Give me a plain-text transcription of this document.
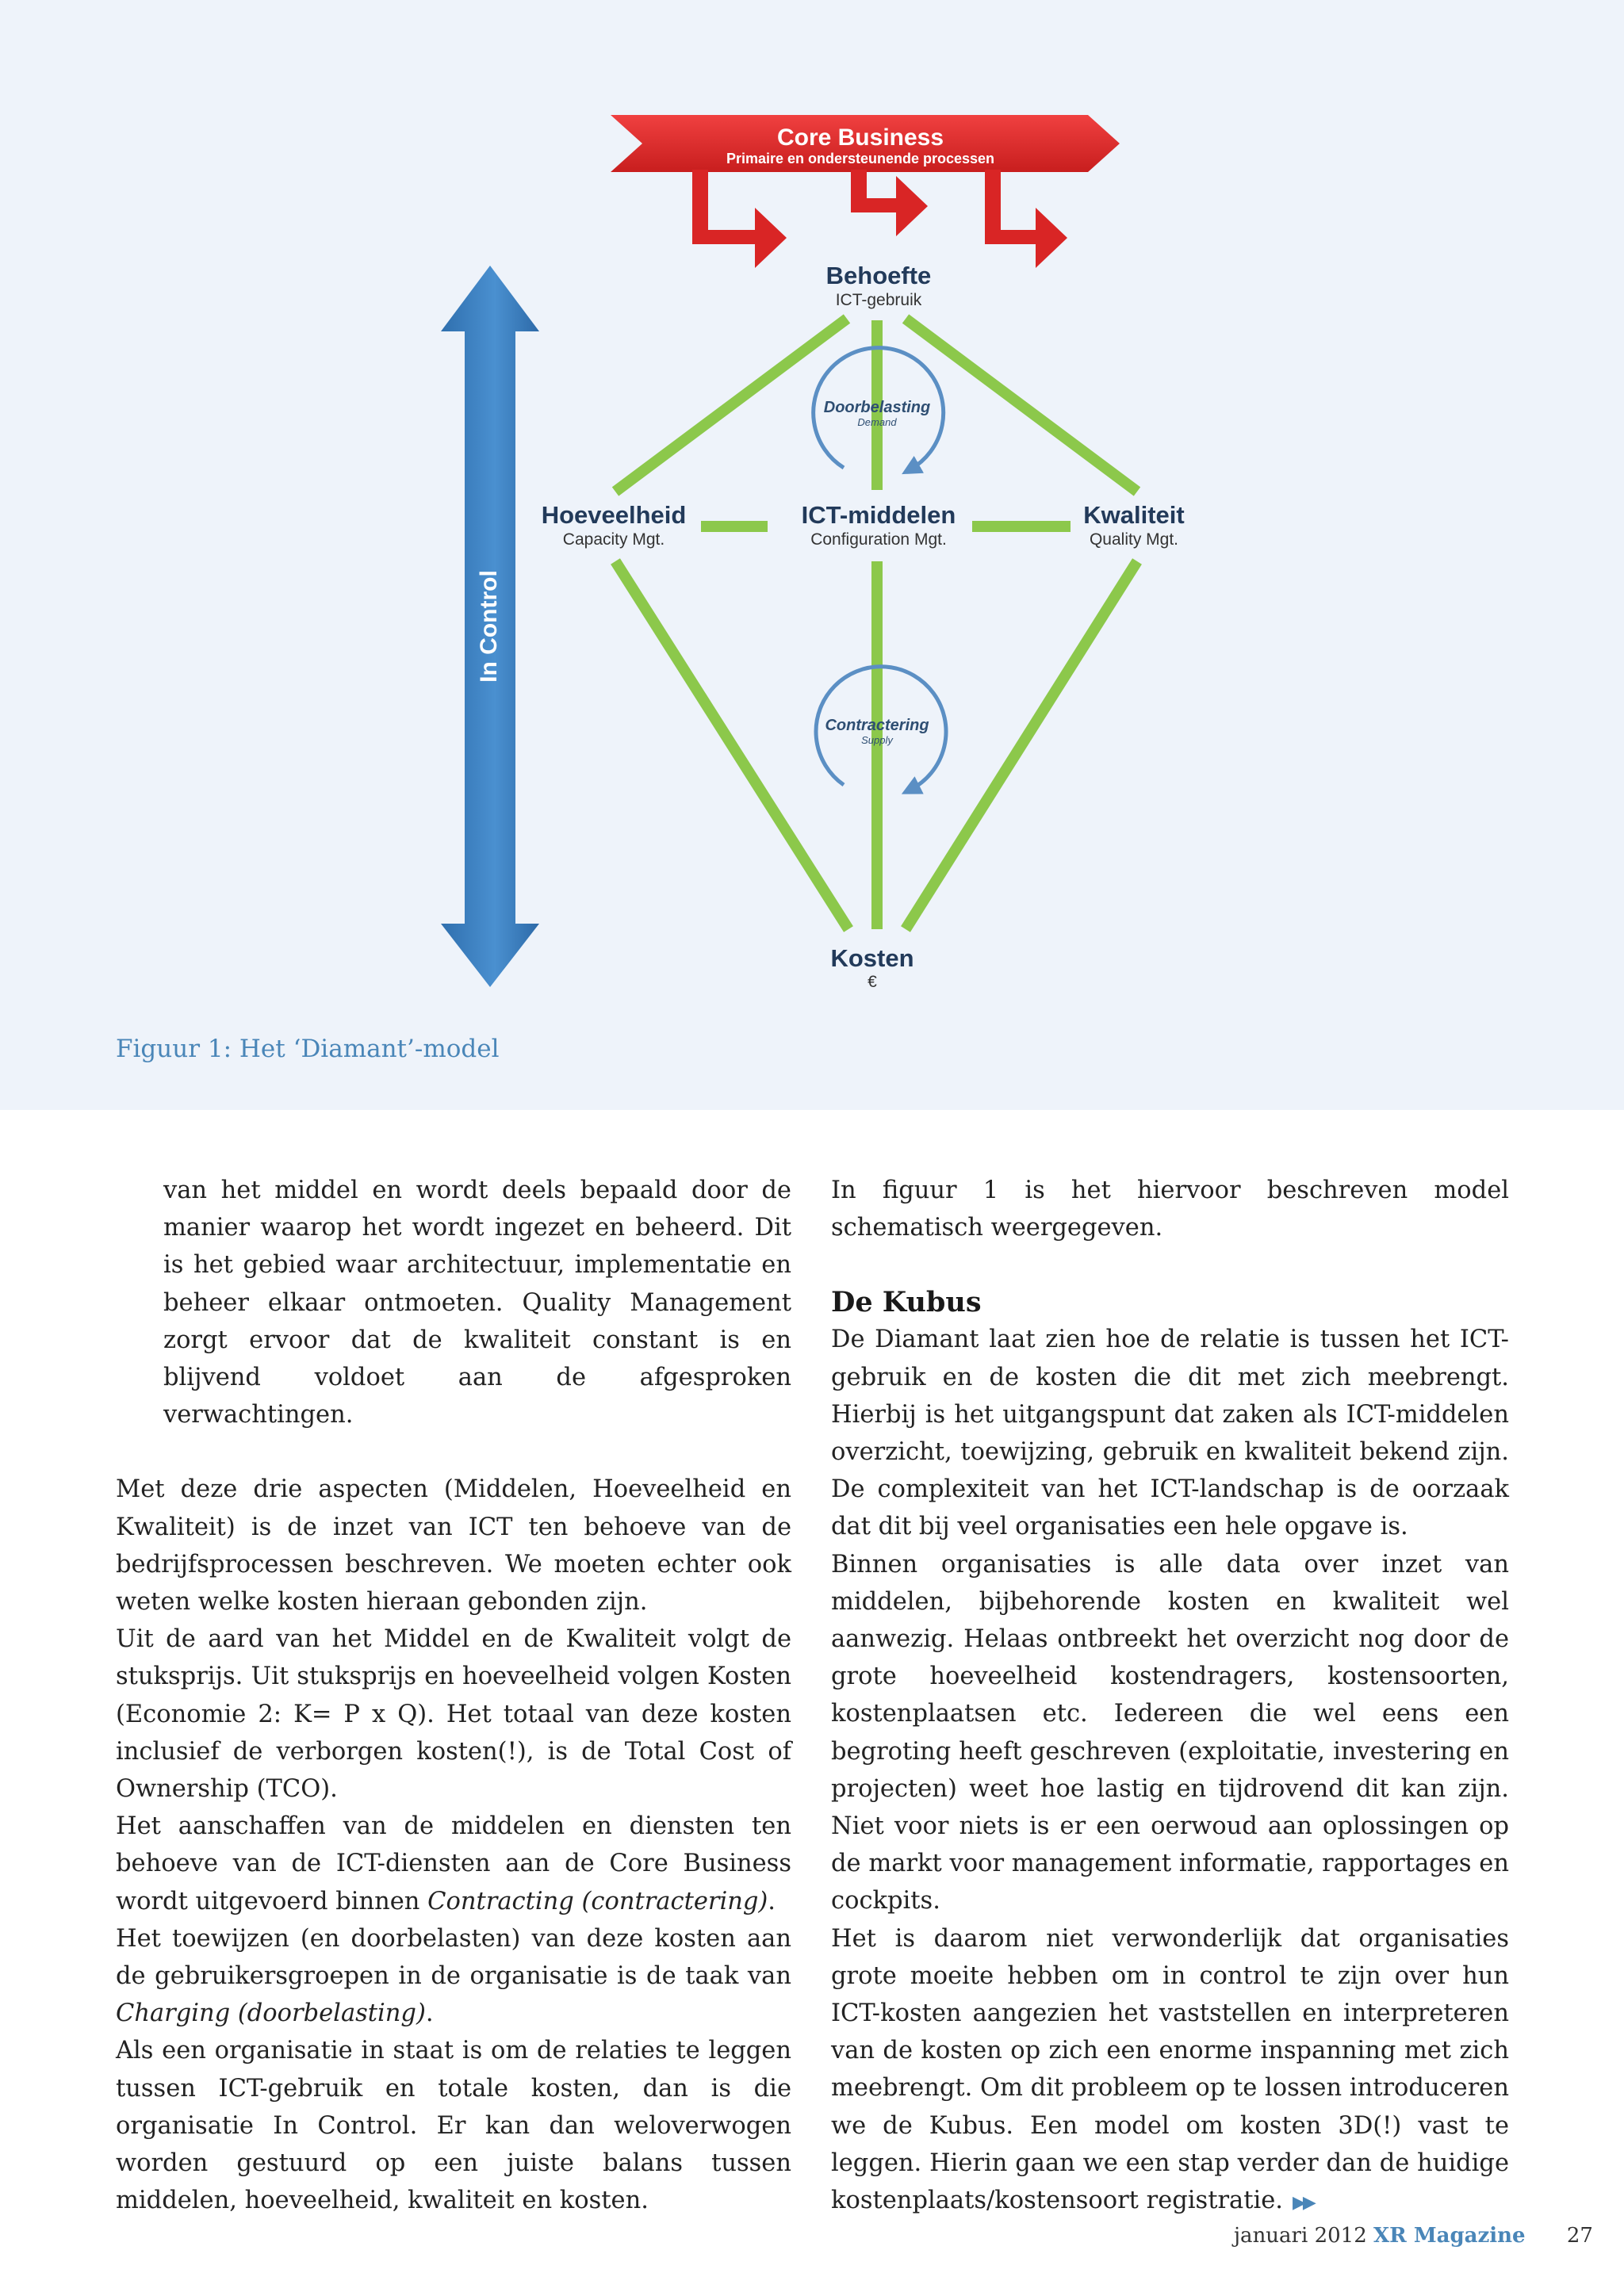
Core Business
Primaire en ondersteunende processen
In Control
Doorbelasting
Demand
Contractering
Supply
Behoefte
ICT-gebruik
Hoeveelheid
Capacity Mgt.
ICT-middelen
Configuration Mgt.
Kwaliteit
Quality Mgt.
Kosten
€
Figuur 1: Het ‘Diamant’-model

van het middel en wordt deels bepaald door de manier waarop het wordt ingezet en beheerd. Dit is het gebied waar architectuur, implementatie en beheer elkaar ontmoeten. Quality Management zorgt ervoor dat de kwaliteit constant is en blijvend voldoet aan de afgesproken verwachtingen.

Met deze drie aspecten (Middelen, Hoeveelheid en Kwaliteit) is de inzet van ICT ten behoeve van de bedrijfsprocessen beschreven. We moeten echter ook weten welke kosten hieraan gebonden zijn.

Uit de aard van het Middel en de Kwaliteit volgt de stuksprijs. Uit stuksprijs en hoeveelheid volgen Kosten (Economie 2: K= P x Q). Het totaal van deze kosten inclusief de verborgen kosten(!), is de Total Cost of Ownership (TCO).

Het aanschaffen van de middelen en diensten ten behoeve van de ICT-diensten aan de Core Business wordt uitgevoerd binnen Contracting (contractering).

Het toewijzen (en doorbelasten) van deze kosten aan de gebruikersgroepen in de organisatie is de taak van Charging (doorbelasting).

Als een organisatie in staat is om de relaties te leggen tussen ICT-gebruik en totale kosten, dan is die organisatie In Control. Er kan dan weloverwogen worden gestuurd op een juiste balans tussen middelen, hoeveelheid, kwaliteit en kosten.

In figuur 1 is het hiervoor beschreven model schematisch weergegeven.

De Kubus

De Diamant laat zien hoe de relatie is tussen het ICT-gebruik en de kosten die dit met zich meebrengt. Hierbij is het uitgangspunt dat zaken als ICT-middelen overzicht, toewijzing, gebruik en kwaliteit bekend zijn. De complexiteit van het ICT-landschap is de oorzaak dat dit bij veel organisaties een hele opgave is.

Binnen organisaties is alle data over inzet van middelen, bijbehorende kosten en kwaliteit wel aanwezig. Helaas ontbreekt het overzicht nog door de grote hoeveelheid kostendragers, kostensoorten, kostenplaatsen etc. Iedereen die wel eens een begroting heeft geschreven (exploitatie, investering en projecten) weet hoe lastig en tijdrovend dit kan zijn. Niet voor niets is er een oerwoud aan oplossingen op de markt voor management informatie, rapportages en cockpits.

Het is daarom niet verwonderlijk dat organisaties grote moeite hebben om in control te zijn over hun ICT-kosten aangezien het vaststellen en interpreteren van de kosten op zich een enorme inspanning met zich meebrengt. Om dit probleem op te lossen introduceren we de Kubus. Een model om kosten 3D(!) vast te leggen. Hierin gaan we een stap verder dan de huidige kostenplaats/kostensoort registratie. ▶▶

januari 2012 XR Magazine 27
